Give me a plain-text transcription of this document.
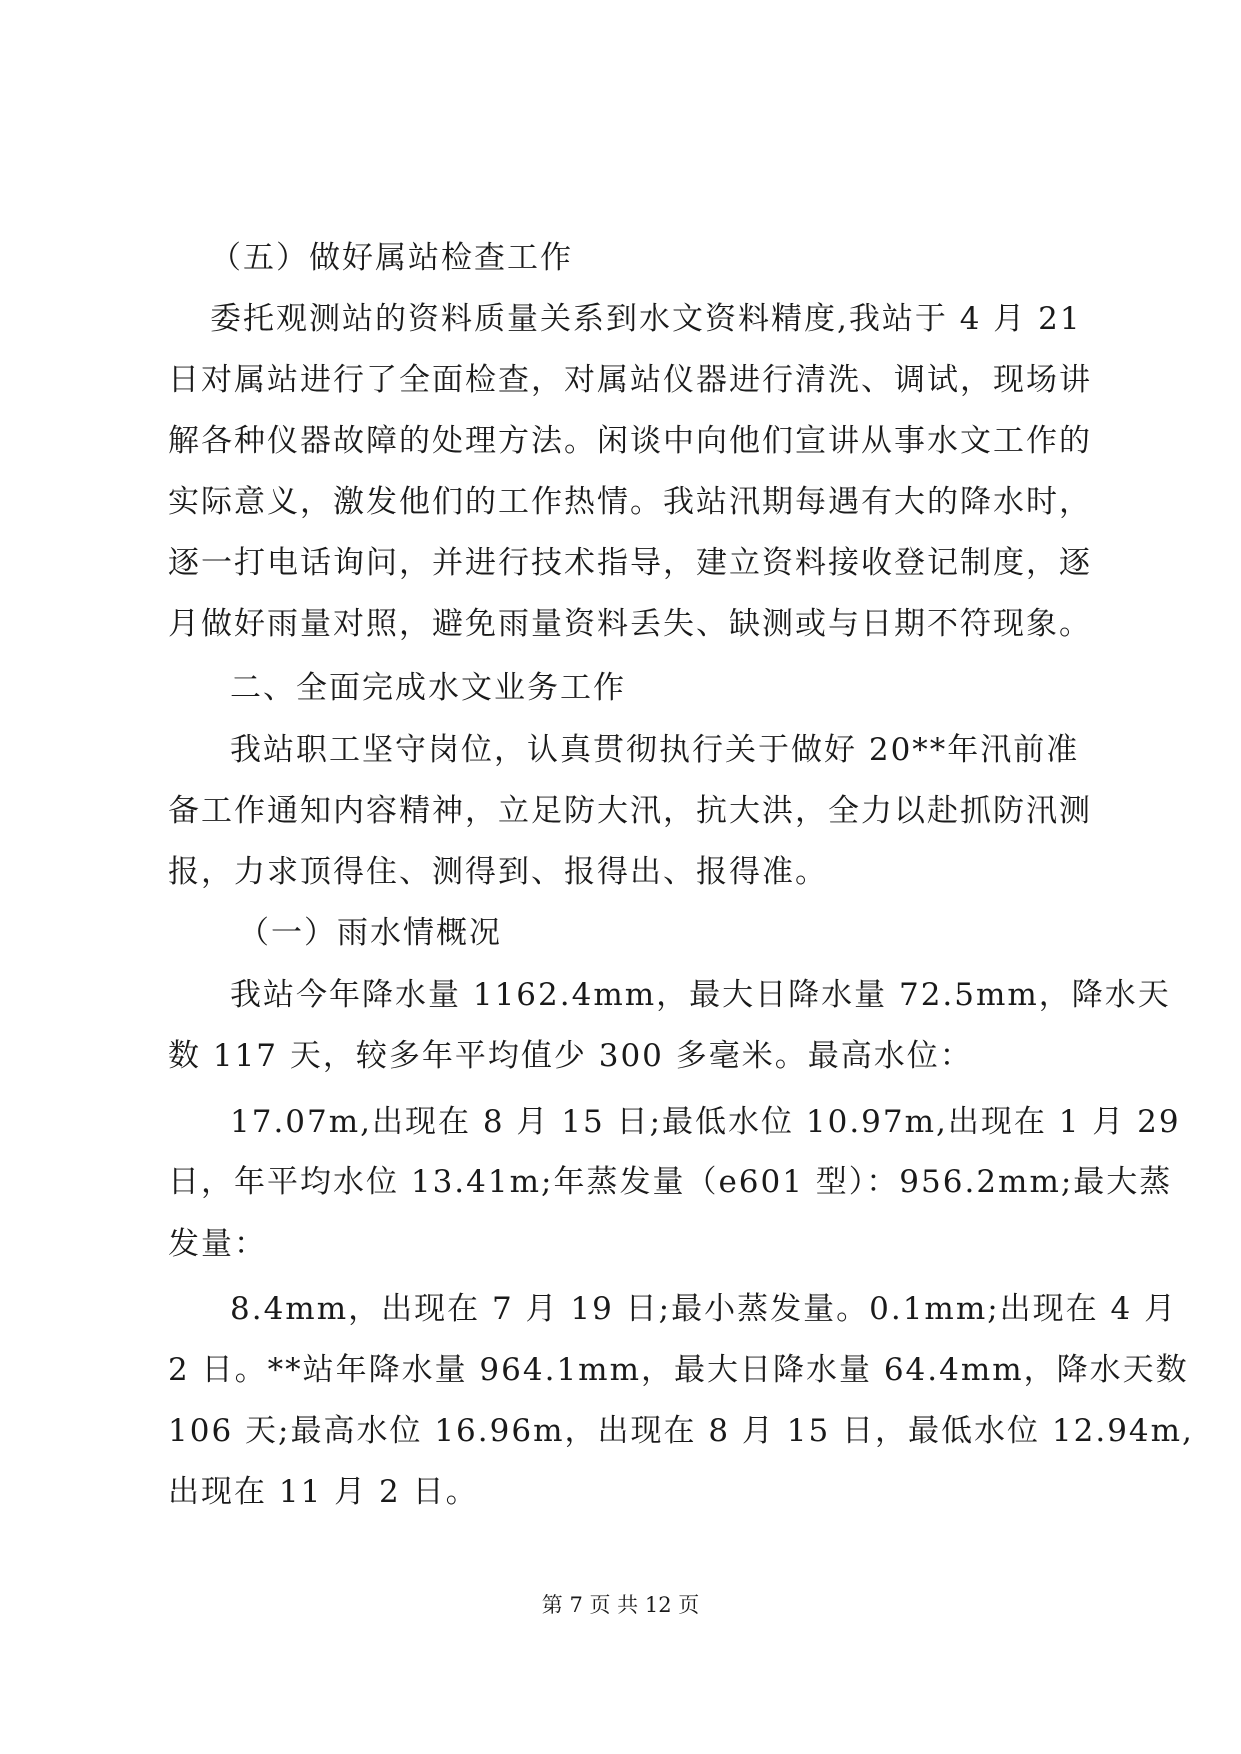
（五）做好属站检查工作
委托观测站的资料质量关系到水文资料精度,我站于 4 月 21
日对属站进行了全面检查，对属站仪器进行清洗、调试，现场讲
解各种仪器故障的处理方法。闲谈中向他们宣讲从事水文工作的
实际意义，激发他们的工作热情。我站汛期每遇有大的降水时，
逐一打电话询问，并进行技术指导，建立资料接收登记制度，逐
月做好雨量对照，避免雨量资料丢失、缺测或与日期不符现象。
二、全面完成水文业务工作
我站职工坚守岗位，认真贯彻执行关于做好 20**年汛前准
备工作通知内容精神，立足防大汛，抗大洪，全力以赴抓防汛测
报，力求顶得住、测得到、报得出、报得准。
（一）雨水情概况
我站今年降水量 1162.4mm，最大日降水量 72.5mm，降水天
数 117 天，较多年平均值少 300 多毫米。最高水位：
17.07m,出现在 8 月 15 日;最低水位 10.97m,出现在 1 月 29
日，年平均水位 13.41m;年蒸发量（e601 型）：956.2mm;最大蒸
发量：
8.4mm，出现在 7 月 19 日;最小蒸发量。0.1mm;出现在 4 月
2 日。**站年降水量 964.1mm，最大日降水量 64.4mm，降水天数
106 天;最高水位 16.96m，出现在 8 月 15 日，最低水位 12.94m,
出现在 11 月 2 日。
第 7 页 共 12 页
